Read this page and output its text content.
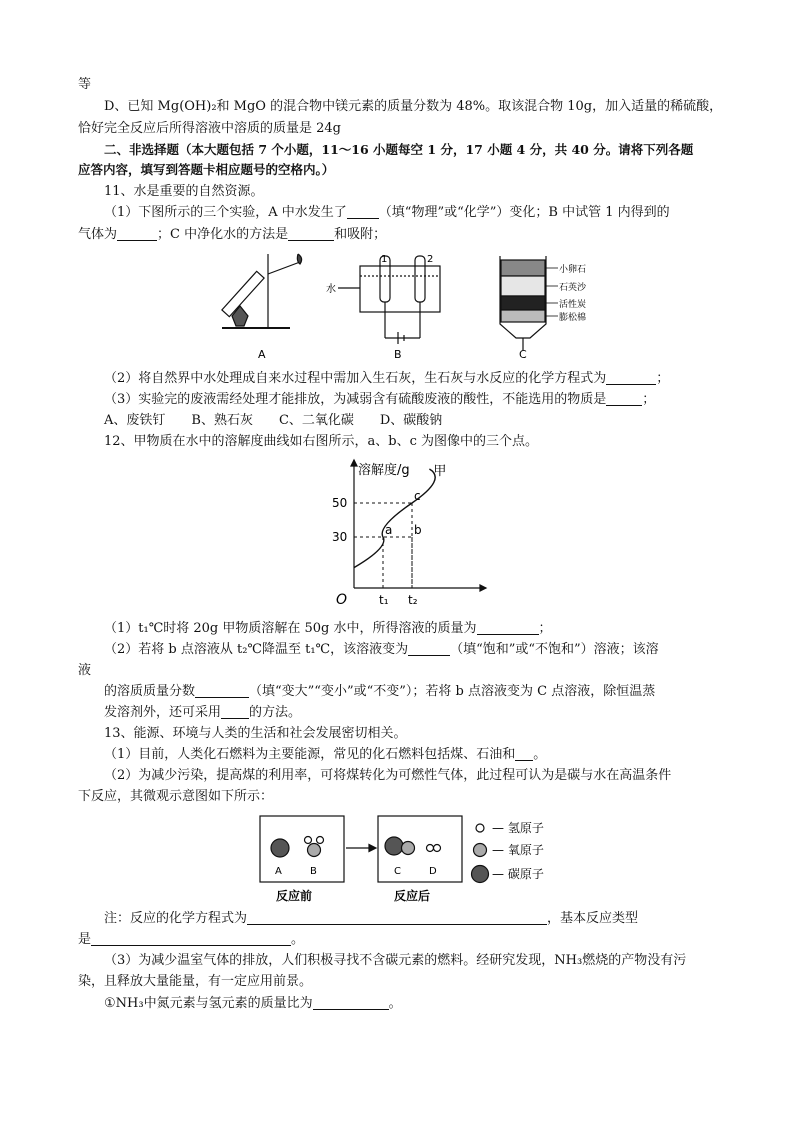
等
D、已知 Mg(OH)₂和 MgO 的混合物中镁元素的质量分数为 48%。取该混合物 10g，加入适量的稀硫酸，
恰好完全反应后所得溶液中溶质的质量是 24g
二、非选择题（本大题包括 7 个小题，11～16 小题每空 1 分，17 小题 4 分，共 40 分。请将下列各题
应答内容，填写到答题卡相应题号的空格内。）
11、水是重要的自然资源。
（1）下图所示的三个实验，A 中水发生了 （填“物理”或“化学”）变化；B 中试管 1 内得到的
气体为	；C 中净化水的方法是	和吸附；
A
1	2
水
B
小卵石
石英沙
活性炭
膨松棉
C
（2）将自然界中水处理成自来水过程中需加入生石灰，生石灰与水反应的化学方程式为	；
（3）实验完的废液需经处理才能排放，为减弱含有硫酸废液的酸性，不能选用的物质是	；
A、废铁钉　　B、熟石灰　　C、二氧化碳　　D、碳酸钠
12、甲物质在水中的溶解度曲线如右图所示，a、b、c 为图像中的三个点。
溶解度/g
O
甲
a b
c
30
50
t₁ t₂
（1）t₁℃时将 20g 甲物质溶解在 50g 水中，所得溶液的质量为	；
（2）若将 b 点溶液从 t₂℃降温至 t₁℃，该溶液变为	（填“饱和”或“不饱和”）溶液；该溶
液
的溶质质量分数	（填“变大”“变小”或“不变”）；若将 b 点溶液变为 C 点溶液，除恒温蒸
发溶剂外，还可采用 的方法。
13、能源、环境与人类的生活和社会发展密切相关。
（1）目前，人类化石燃料为主要能源，常见的化石燃料包括煤、石油和 。
（2）为减少污染，提高煤的利用率，可将煤转化为可燃性气体，此过程可认为是碳与水在高温条件
下反应，其微观示意图如下所示：
A	B	C	D
反应前	反应后
— 氢原子
— 氧原子
— 碳原子
注：反应的化学方程式为	，基本反应类型
是	。
（3）为减少温室气体的排放，人们积极寻找不含碳元素的燃料。经研究发现，NH₃燃烧的产物没有污
染，且释放大量能量，有一定应用前景。
①NH₃中氮元素与氢元素的质量比为	。
